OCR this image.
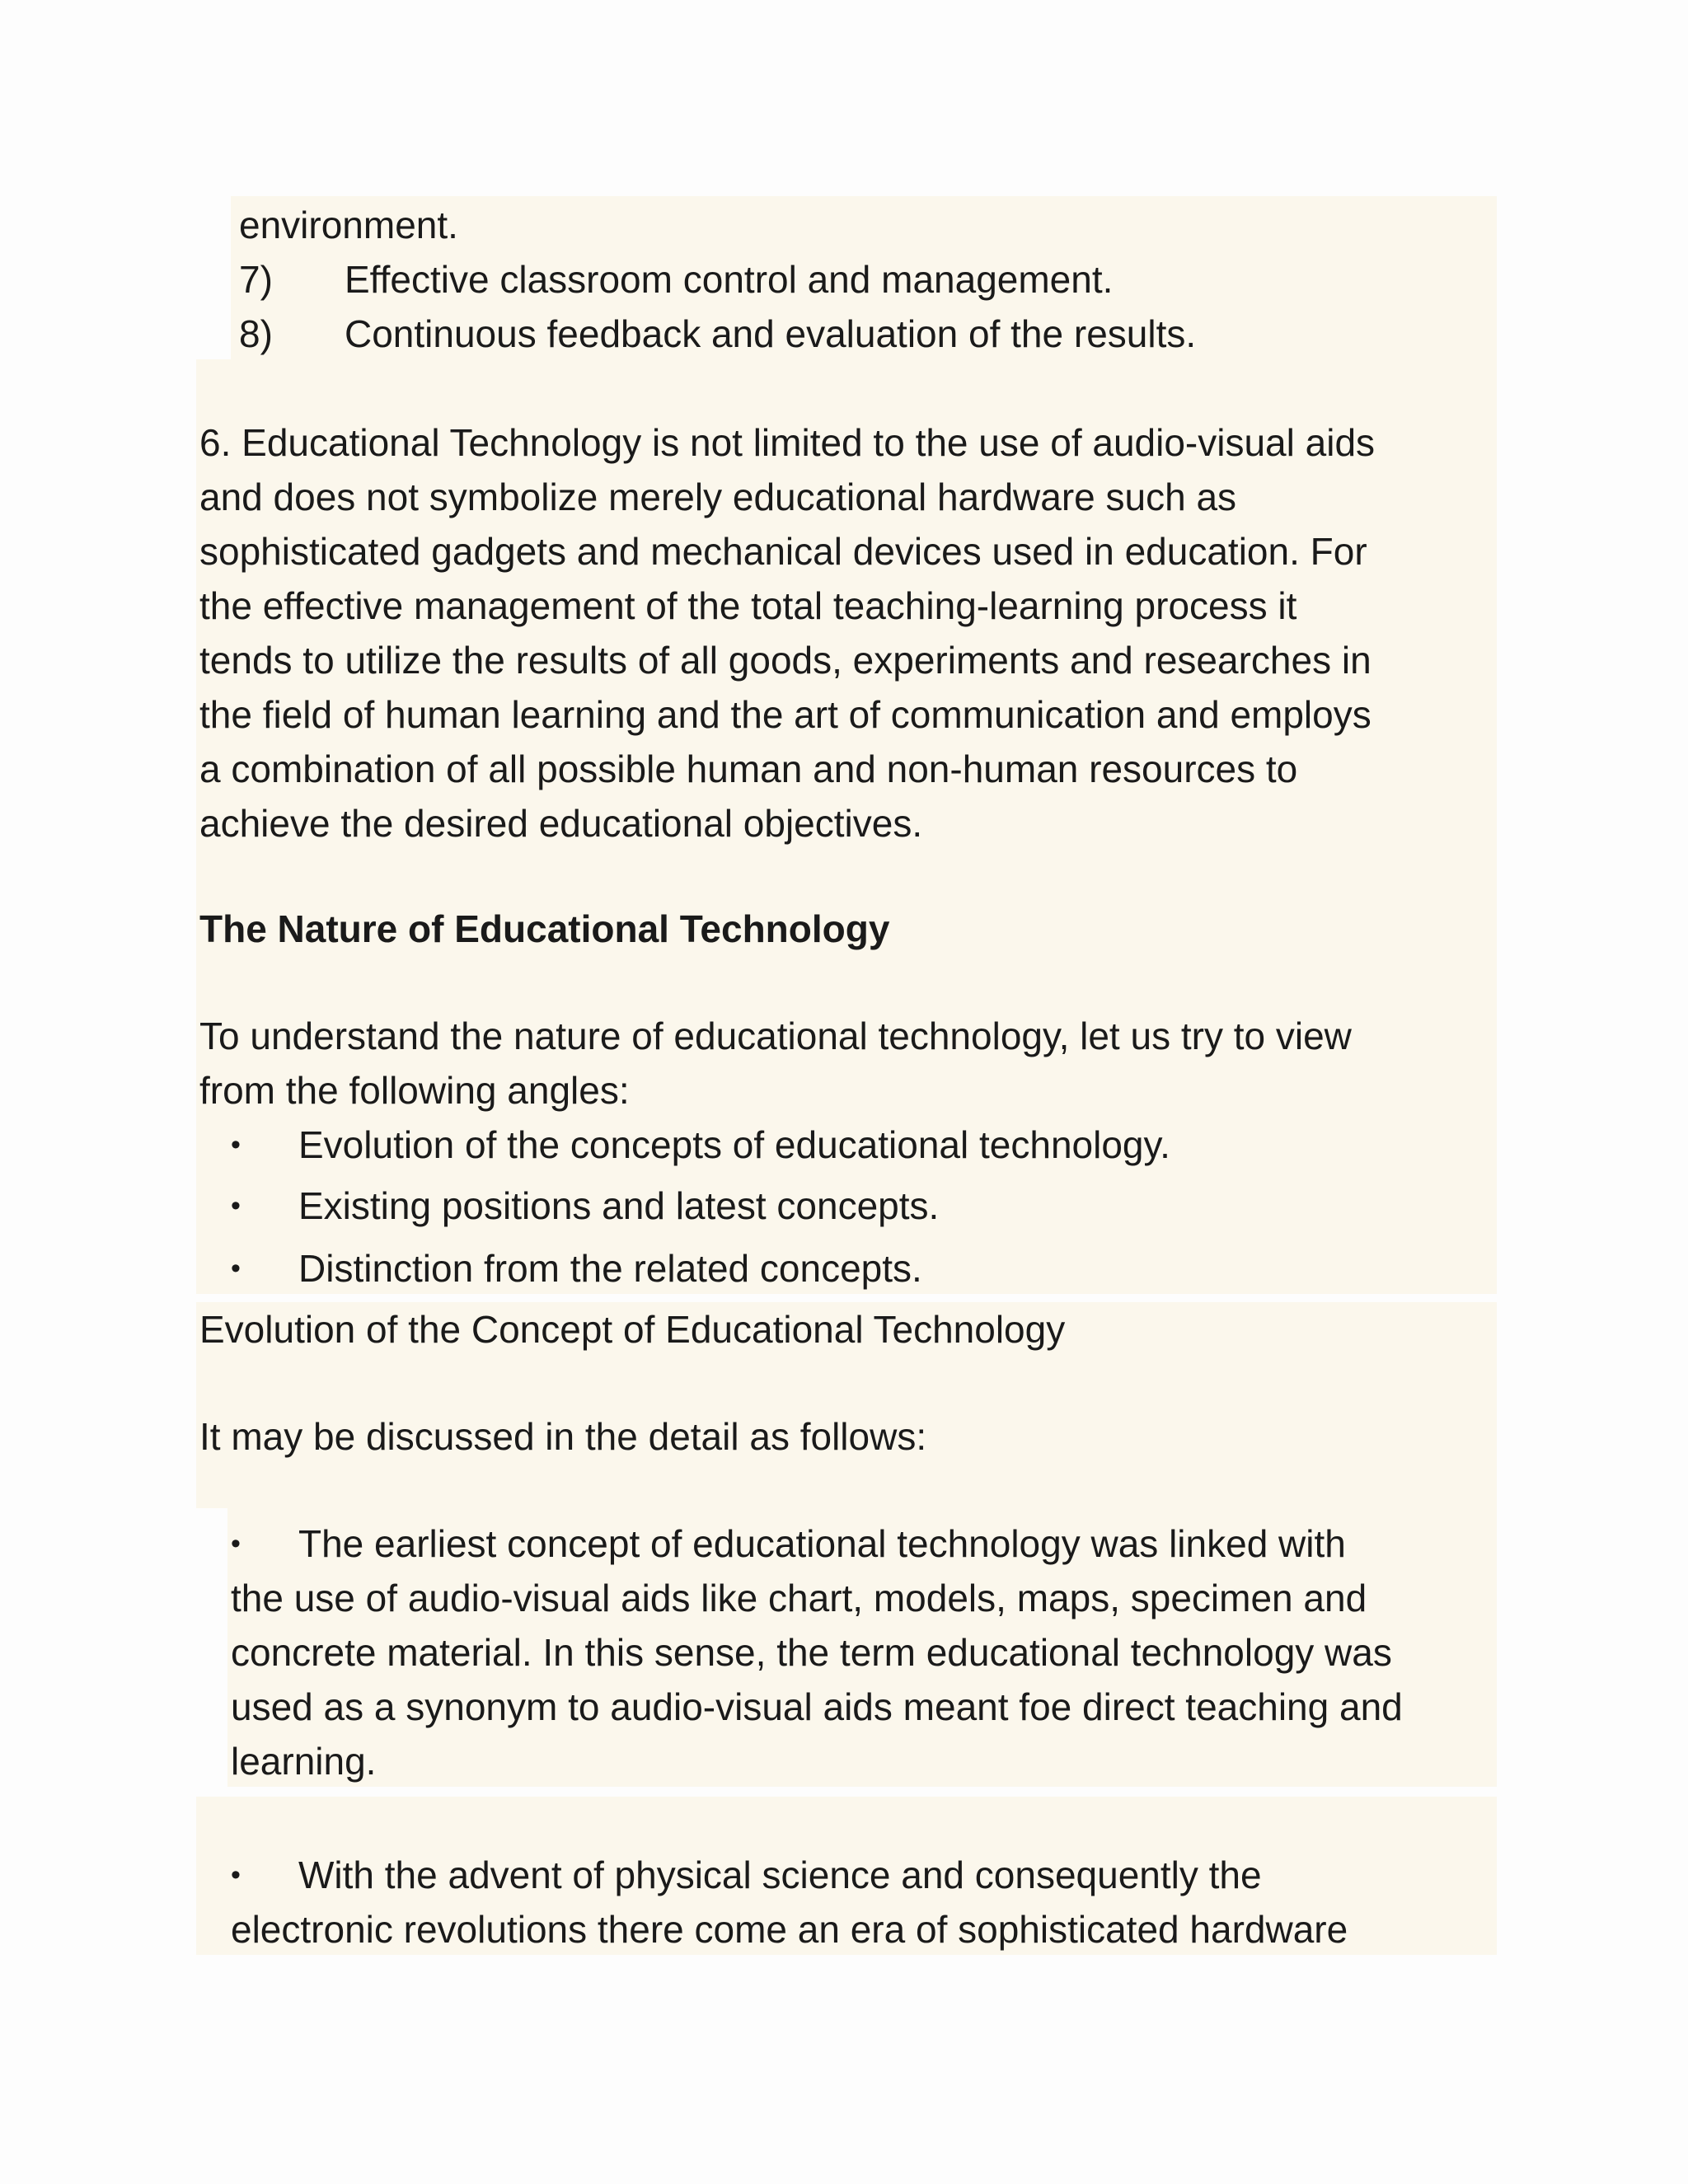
environment.

7) Effective classroom control and management.

8) Continuous feedback and evaluation of the results.

6. Educational Technology is not limited to the use of audio-visual aids

and does not symbolize merely educational hardware such as

sophisticated gadgets and mechanical devices used in education. For

the effective management of the total teaching-learning process it

tends to utilize the results of all goods, experiments and researches in

the field of human learning and the art of communication and employs

a combination of all possible human and non-human resources to

achieve the desired educational objectives.

The Nature of Educational Technology

To understand the nature of educational technology, let us try to view

from the following angles:

• Evolution of the concepts of educational technology.

• Existing positions and latest concepts.

• Distinction from the related concepts.

Evolution of the Concept of Educational Technology

It may be discussed in the detail as follows:

• The earliest concept of educational technology was linked with

the use of audio-visual aids like chart, models, maps, specimen and

concrete material. In this sense, the term educational technology was

used as a synonym to audio-visual aids meant foe direct teaching and

learning.

• With the advent of physical science and consequently the

electronic revolutions there come an era of sophisticated hardware
